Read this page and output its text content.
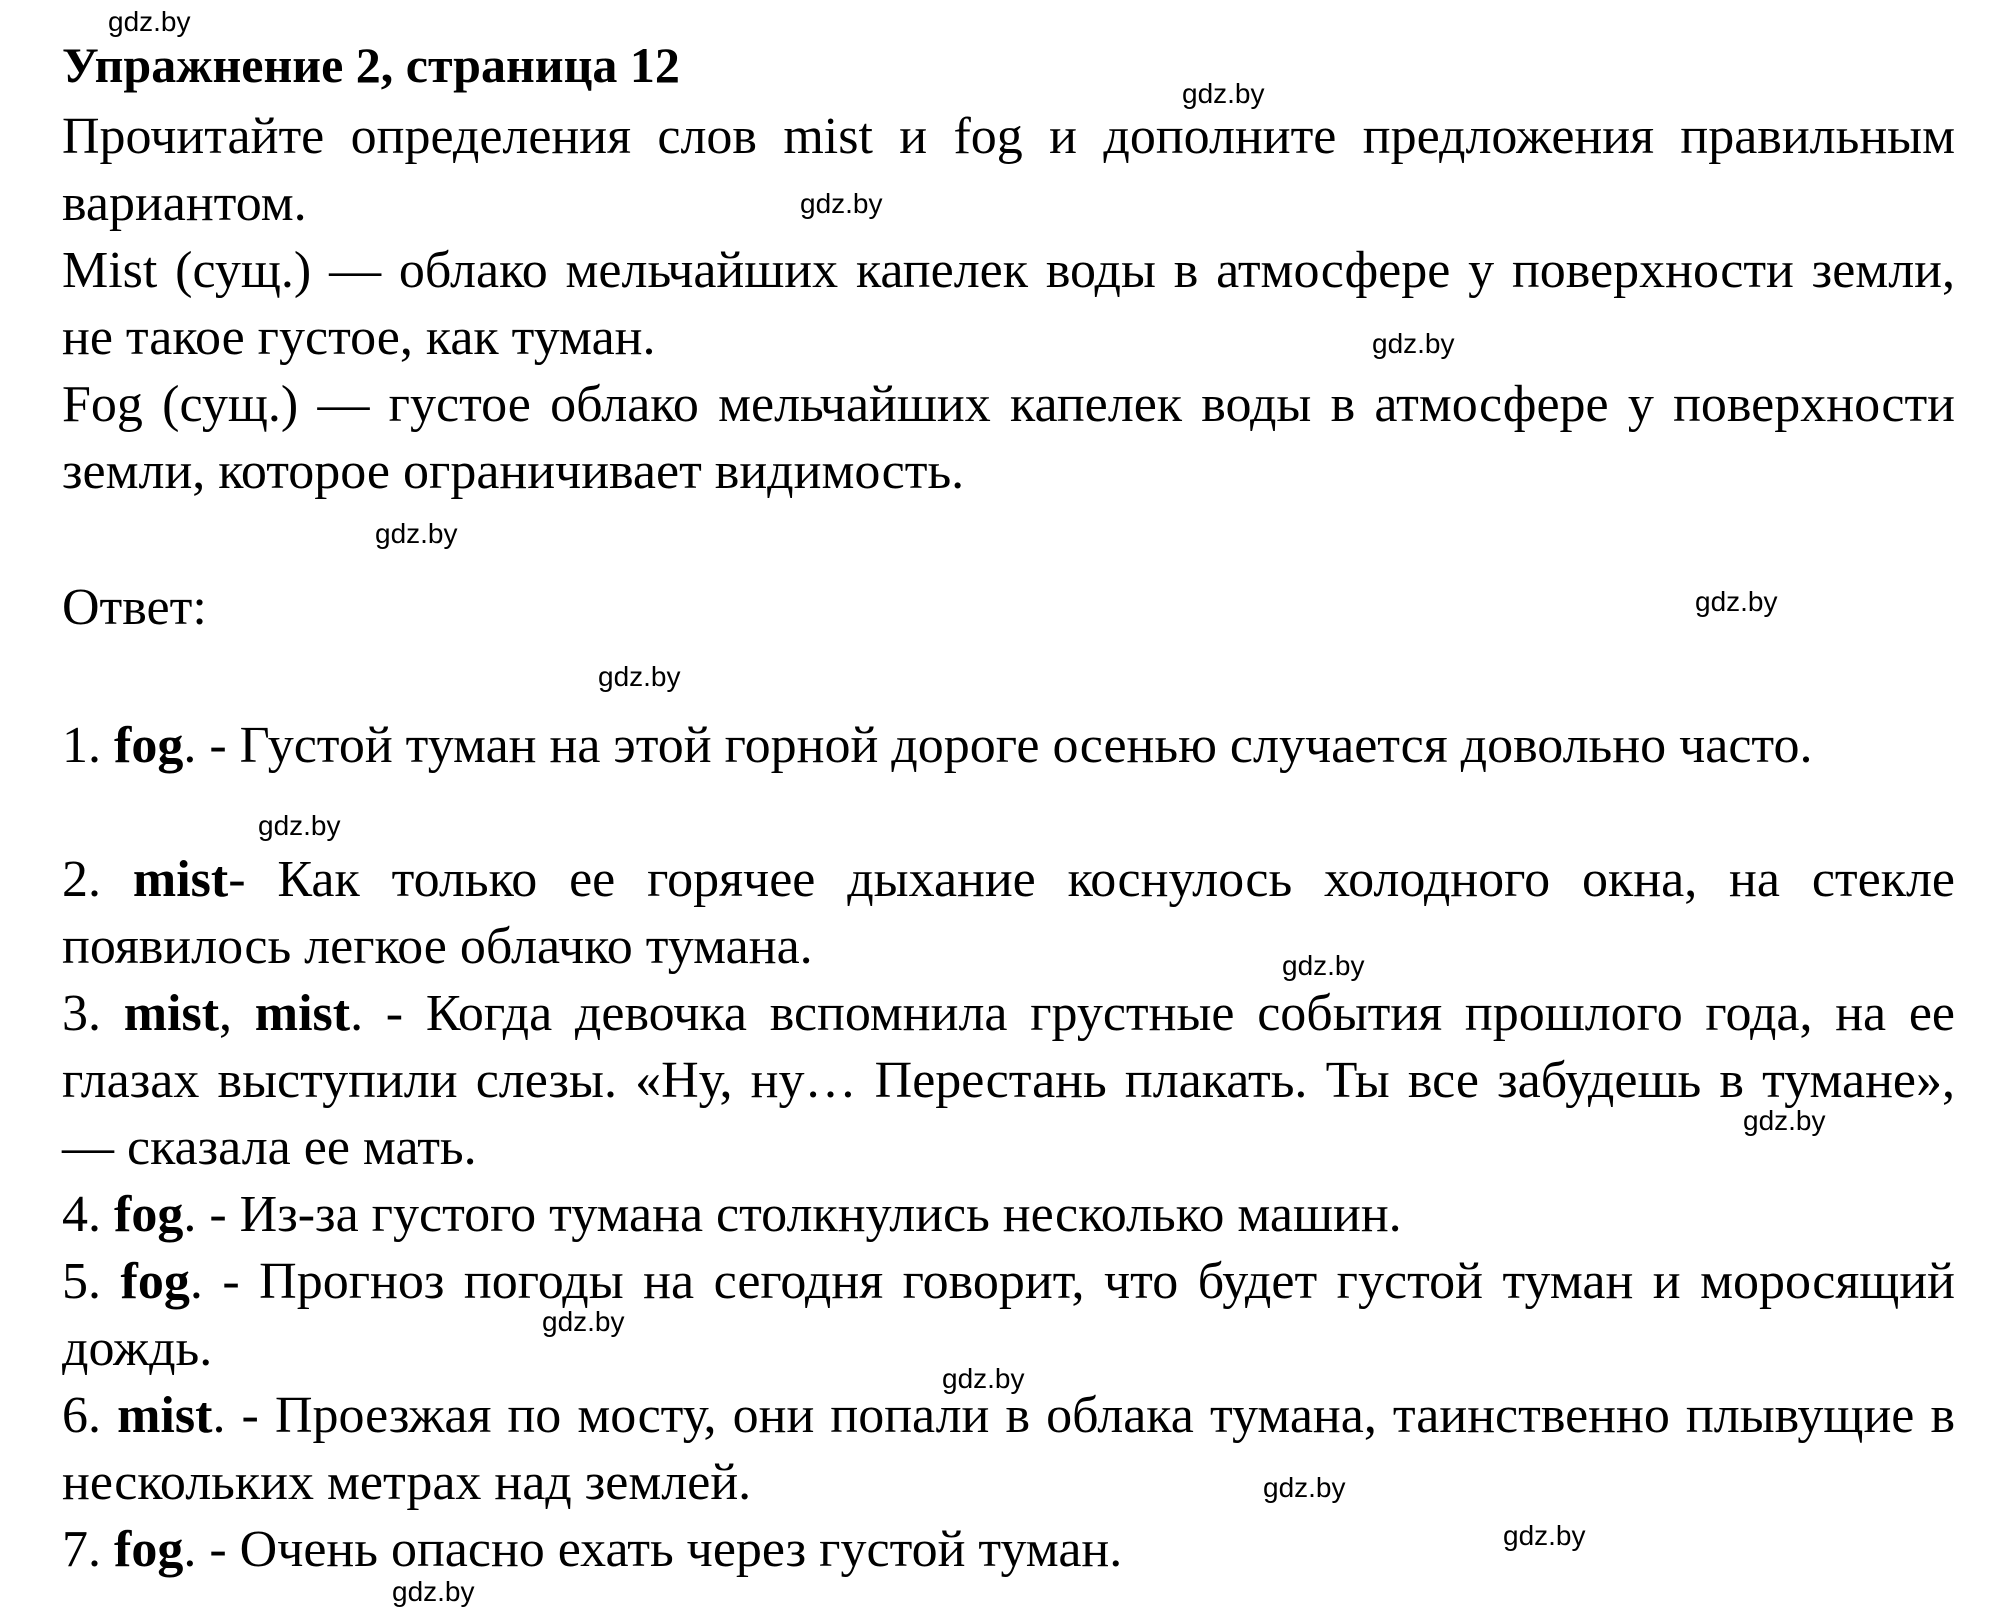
gdz.by
gdz.by
gdz.by
gdz.by
gdz.by
gdz.by
gdz.by
gdz.by
gdz.by
gdz.by
gdz.by
gdz.by
gdz.by
gdz.by
gdz.by
Упражнение 2, страница 12
Прочитайте определения слов mist и fog и дополните предложения правильным вариантом.
Mist (сущ.) — облако мельчайших капелек воды в атмосфере у поверхности земли, не такое густое, как туман.
Fog (сущ.) — густое облако мельчайших капелек воды в атмосфере у поверхности земли, которое ограничивает видимость.
Ответ:
1. fog. - Густой туман на этой горной дороге осенью случается довольно часто.
2. mist- Как только ее горячее дыхание коснулось холодного окна, на стекле появилось легкое облачко тумана.
3. mist, mist. - Когда девочка вспомнила грустные события прошлого года, на ее глазах выступили слезы. «Ну, ну… Перестань плакать. Ты все забудешь в тумане», — сказала ее мать.
4. fog. - Из-за густого тумана столкнулись несколько машин.
5. fog. - Прогноз погоды на сегодня говорит, что будет густой туман и моросящий дождь.
6. mist. - Проезжая по мосту, они попали в облака тумана, таинственно плывущие в нескольких метрах над землей.
7. fog. - Очень опасно ехать через густой туман.
